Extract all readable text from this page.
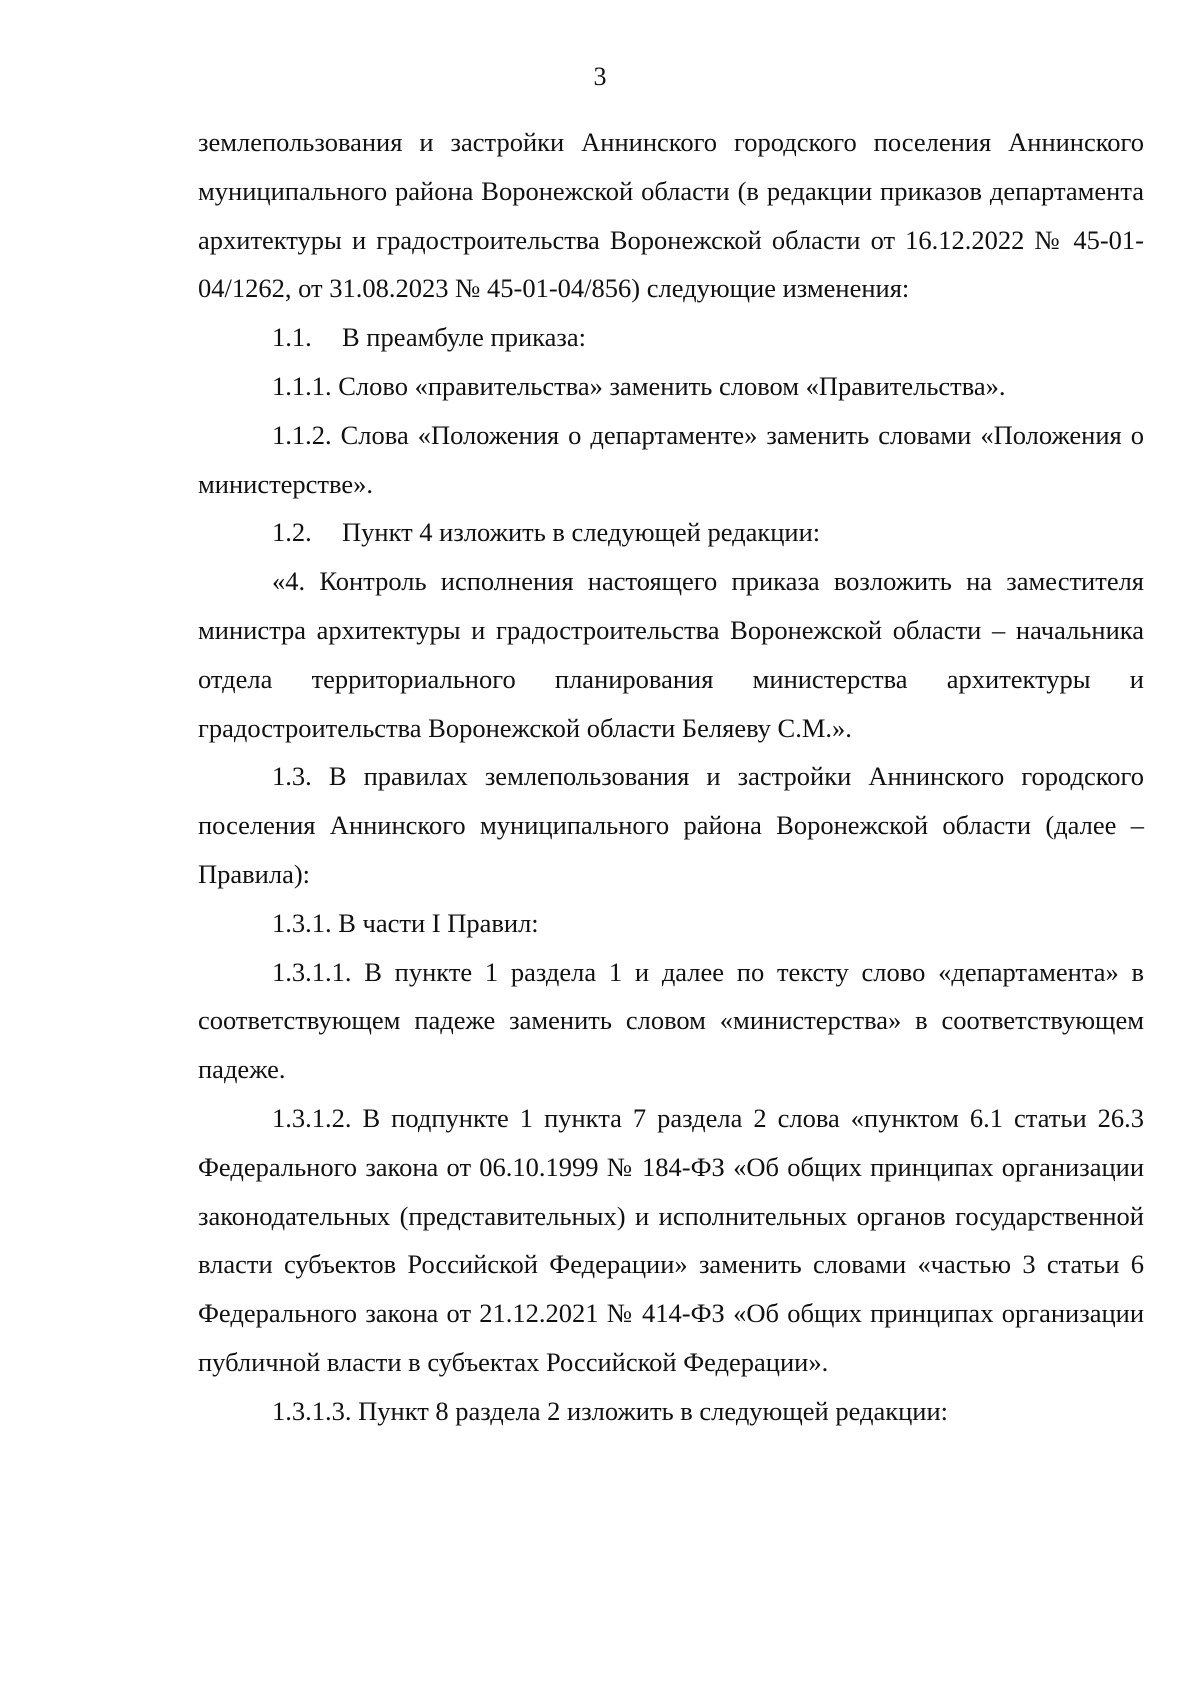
3

землепользования и застройки Аннинского городского поселения Аннинского муниципального района Воронежской области (в редакции приказов департамента архитектуры и градостроительства Воронежской области от 16.12.2022 № 45-01-04/1262, от 31.08.2023 № 45-01-04/856) следующие изменения:

1.1. В преамбуле приказа:

1.1.1. Слово «правительства» заменить словом «Правительства».

1.1.2. Слова «Положения о департаменте» заменить словами «Положения о министерстве».

1.2. Пункт 4 изложить в следующей редакции:

«4. Контроль исполнения настоящего приказа возложить на заместителя министра архитектуры и градостроительства Воронежской области – начальника отдела территориального планирования министерства архитектуры и градостроительства Воронежской области Беляеву С.М.».

1.3. В правилах землепользования и застройки Аннинского городского поселения Аннинского муниципального района Воронежской области (далее – Правила):

1.3.1. В части I Правил:

1.3.1.1. В пункте 1 раздела 1 и далее по тексту слово «департамента» в соответствующем падеже заменить словом «министерства» в соответствующем падеже.

1.3.1.2. В подпункте 1 пункта 7 раздела 2 слова «пунктом 6.1 статьи 26.3 Федерального закона от 06.10.1999 № 184-ФЗ «Об общих принципах организации законодательных (представительных) и исполнительных органов государственной власти субъектов Российской Федерации» заменить словами «частью 3 статьи 6 Федерального закона от 21.12.2021 № 414-ФЗ «Об общих принципах организации публичной власти в субъектах Российской Федерации».

1.3.1.3. Пункт 8 раздела 2 изложить в следующей редакции:
